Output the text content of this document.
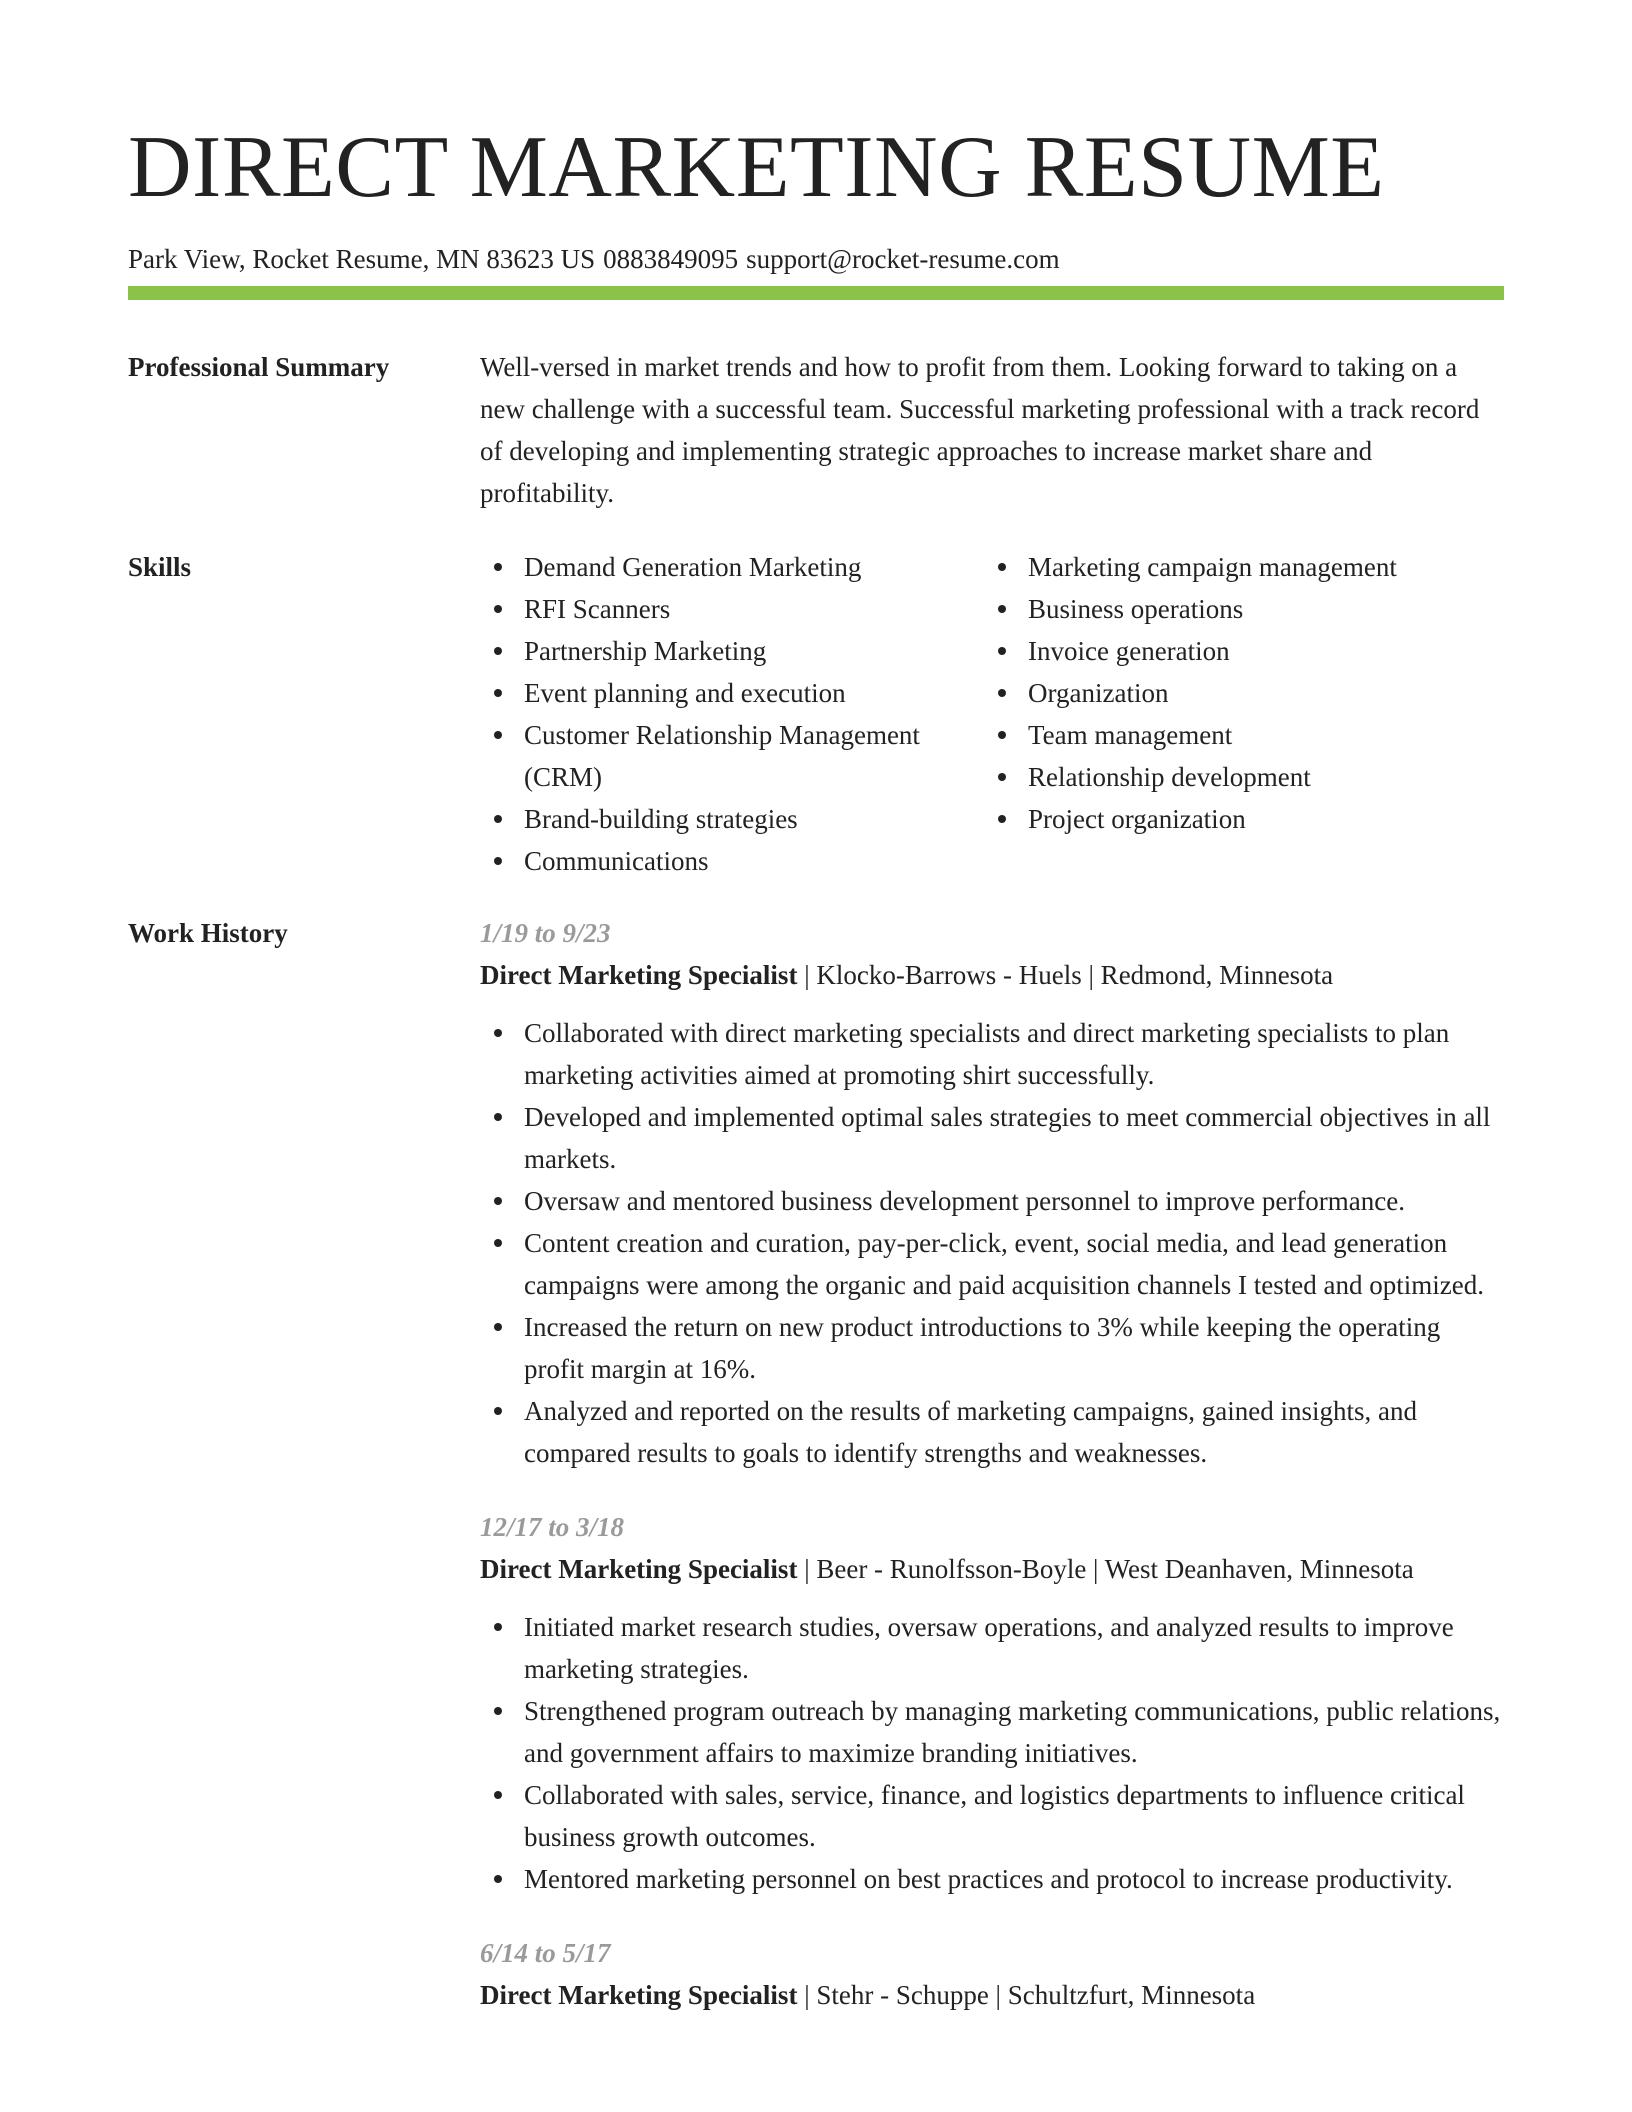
DIRECT MARKETING RESUME
Park View, Rocket Resume, MN 83623 US 0883849095 support@rocket-resume.com
Professional Summary	Well-versed in market trends and how to profit from them. Looking forward to taking on a new challenge with a successful team. Successful marketing professional with a track record of developing and implementing strategic approaches to increase market share and profitability.

Skills	Demand Generation Marketing
RFI Scanners
Partnership Marketing
Event planning and execution
Customer Relationship Management (CRM)
Brand-building strategies
Communications
Marketing campaign management
Business operations
Invoice generation
Organization
Team management
Relationship development
Project organization
Work History	1/19 to 9/23
Direct Marketing Specialist | Klocko-Barrows - Huels | Redmond, Minnesota
Collaborated with direct marketing specialists and direct marketing specialists to plan marketing activities aimed at promoting shirt successfully.
Developed and implemented optimal sales strategies to meet commercial objectives in all markets.
Oversaw and mentored business development personnel to improve performance.
Content creation and curation, pay-per-click, event, social media, and lead generation campaigns were among the organic and paid acquisition channels I tested and optimized.
Increased the return on new product introductions to 3% while keeping the operating profit margin at 16%.
Analyzed and reported on the results of marketing campaigns, gained insights, and compared results to goals to identify strengths and weaknesses.
12/17 to 3/18
Direct Marketing Specialist | Beer - Runolfsson-Boyle | West Deanhaven, Minnesota
Initiated market research studies, oversaw operations, and analyzed results to improve marketing strategies.
Strengthened program outreach by managing marketing communications, public relations, and government affairs to maximize branding initiatives.
Collaborated with sales, service, finance, and logistics departments to influence critical business growth outcomes.
Mentored marketing personnel on best practices and protocol to increase productivity.
6/14 to 5/17
Direct Marketing Specialist | Stehr - Schuppe | Schultzfurt, Minnesota
